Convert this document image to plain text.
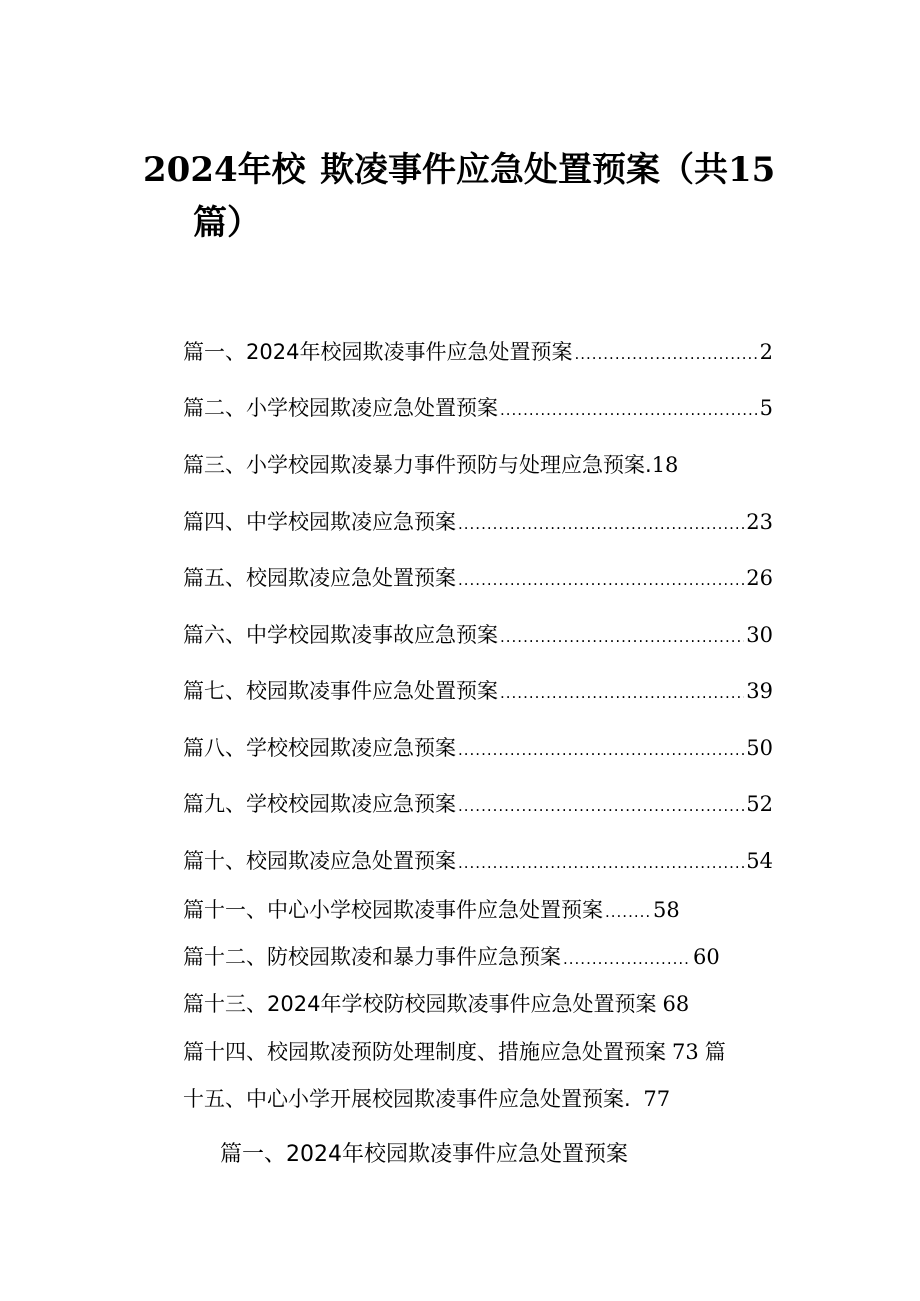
2024年校 欺凌事件应急处置预案（共15
篇）
篇一、2024年校园欺凌事件应急处置预案 .....	2
篇二、小学校园欺凌应急处置预案 .....	5
篇三、小学校园欺凌暴力事件预防与处理应急预案. 18
篇四、中学校园欺凌应急预案 .....	23
篇五、校园欺凌应急处置预案 .....	26
篇六、中学校园欺凌事故应急预案 .....	30
篇七、校园欺凌事件应急处置预案 .....	39
篇八、学校校园欺凌应急预案 .....	50
篇九、学校校园欺凌应急预案 .....	52
篇十、校园欺凌应急处置预案 .....	54
篇十一、中心小学校园欺凌事件应急处置预案 ..... 58
篇十二、防校园欺凌和暴力事件应急预案 .....	60
篇十三、2024年学校防校园欺凌事件应急处置预案 68
篇十四、校园欺凌预防处理制度、措施应急处置预案 73 篇
十五、中心小学开展校园欺凌事件应急处置预案. 77
篇一、2024年校园欺凌事件应急处置预案
